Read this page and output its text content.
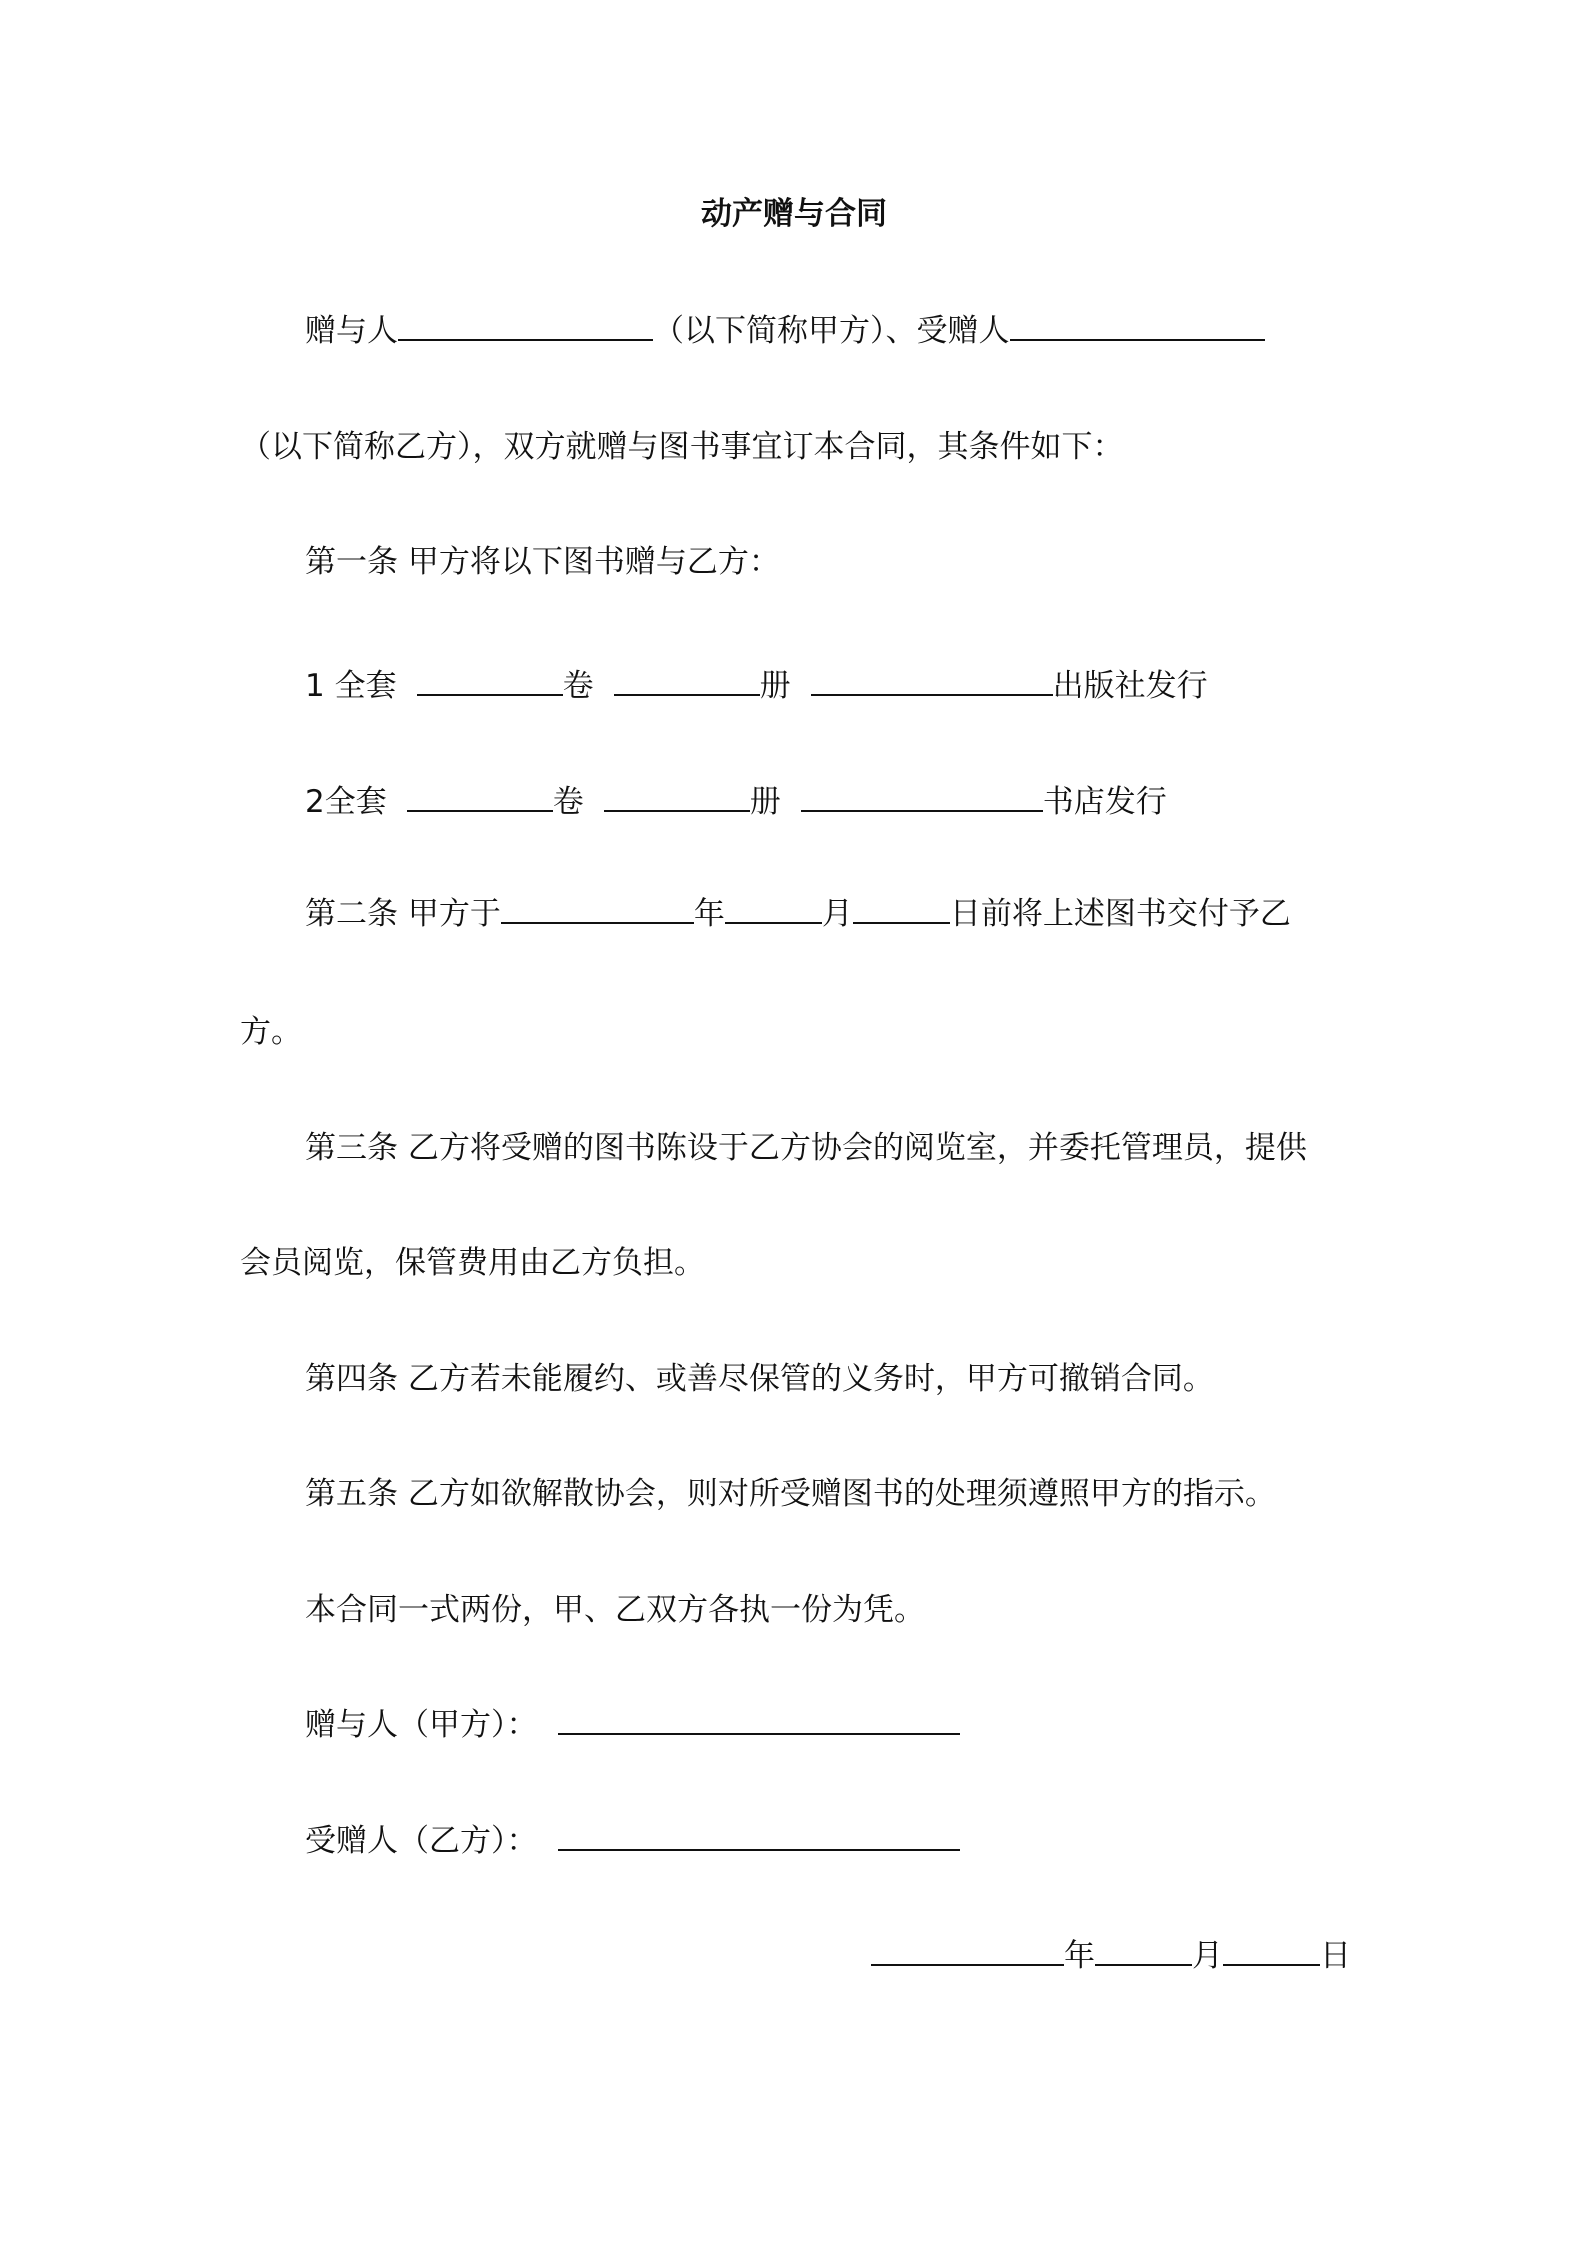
动产赠与合同
赠与人	（以下简称甲方）、受赠人
（以下简称乙方），双方就赠与图书事宜订本合同，其条件如下：
第一条 甲方将以下图书赠与乙方：
1 全套	卷	册	出版社发行
2全套	卷	册	书店发行
第二条 甲方于	年	月	日前将上述图书交付予乙
方。
第三条 乙方将受赠的图书陈设于乙方协会的阅览室，并委托管理员，提供
会员阅览，保管费用由乙方负担。
第四条 乙方若未能履约、或善尽保管的义务时，甲方可撤销合同。
第五条 乙方如欲解散协会，则对所受赠图书的处理须遵照甲方的指示。
本合同一式两份，甲、乙双方各执一份为凭。
赠与人（甲方）：
受赠人（乙方）：
年	月	日
